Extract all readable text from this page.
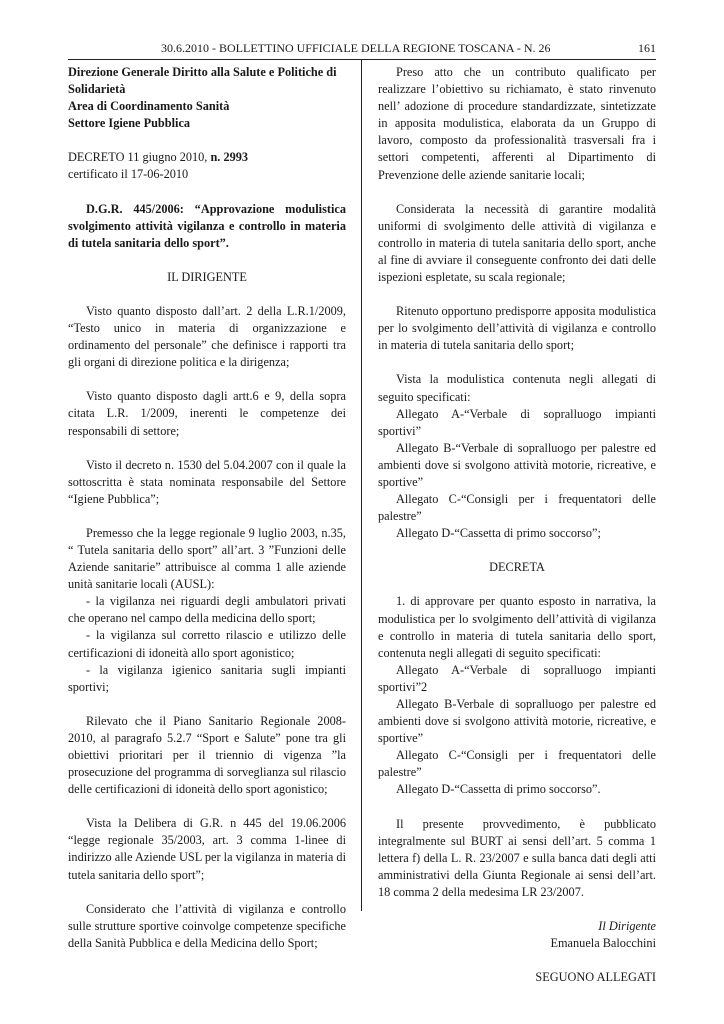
30.6.2010 - BOLLETTINO UFFICIALE DELLA REGIONE TOSCANA - N. 26	161

Direzione Generale Diritto alla Salute e Politiche di

Solidarietà

Area di Coordinamento Sanità

Settore Igiene Pubblica

DECRETO 11 giugno 2010, n. 2993

certificato il 17-06-2010

D.G.R. 445/2006: “Approvazione modulistica svolgimento attività vigilanza e controllo in materia di tutela sanitaria dello sport”.

IL DIRIGENTE

Visto quanto disposto dall’art. 2 della L.R.1/2009, “Testo unico in materia di organizzazione e ordinamento del personale” che definisce i rapporti tra gli organi di direzione politica e la dirigenza;

Visto quanto disposto dagli artt.6 e 9, della sopra citata L.R. 1/2009, inerenti le competenze dei responsabili di settore;

Visto il decreto n. 1530 del 5.04.2007 con il quale la sottoscritta è stata nominata responsabile del Settore “Igiene Pubblica”;

Premesso che la legge regionale 9 luglio 2003, n.35, “ Tutela sanitaria dello sport” all’art. 3 ”Funzioni delle Aziende sanitarie” attribuisce al comma 1 alle aziende unità sanitarie locali (AUSL):

- la vigilanza nei riguardi degli ambulatori privati che operano nel campo della medicina dello sport;

- la vigilanza sul corretto rilascio e utilizzo delle certificazioni di idoneità allo sport agonistico;

- la vigilanza igienico sanitaria sugli impianti sportivi;

Rilevato che il Piano Sanitario Regionale 2008- 2010, al paragrafo 5.2.7 “Sport e Salute” pone tra gli obiettivi prioritari per il triennio di vigenza ”la prosecuzione del programma di sorveglianza sul rilascio delle certificazioni di idoneità dello sport agonistico;

Vista la Delibera di G.R. n 445 del 19.06.2006 “legge regionale 35/2003, art. 3 comma 1-linee di indirizzo alle Aziende USL per la vigilanza in materia di tutela sanitaria dello sport”;

Considerato che l’attività di vigilanza e controllo sulle strutture sportive coinvolge competenze specifiche della Sanità Pubblica e della Medicina dello Sport;

Preso atto che un contributo qualificato per realizzare l’obiettivo su richiamato, è stato rinvenuto nell’ adozione di procedure standardizzate, sintetizzate in apposita modulistica, elaborata da un Gruppo di lavoro, composto da professionalità trasversali fra i settori competenti, afferenti al Dipartimento di Prevenzione delle aziende sanitarie locali;

Considerata la necessità di garantire modalità uniformi di svolgimento delle attività di vigilanza e controllo in materia di tutela sanitaria dello sport, anche al fine di avviare il conseguente confronto dei dati delle ispezioni espletate, su scala regionale;

Ritenuto opportuno predisporre apposita modulistica per lo svolgimento dell’attività di vigilanza e controllo in materia di tutela sanitaria dello sport;

Vista la modulistica contenuta negli allegati di seguito specificati:

Allegato A-“Verbale di sopralluogo impianti sportivi”

Allegato B-“Verbale di sopralluogo per palestre ed ambienti dove si svolgono attività motorie, ricreative, e sportive”

Allegato C-“Consigli per i frequentatori delle palestre”

Allegato D-“Cassetta di primo soccorso”;

DECRETA

1. di approvare per quanto esposto in narrativa, la modulistica per lo svolgimento dell’attività di vigilanza e controllo in materia di tutela sanitaria dello sport, contenuta negli allegati di seguito specificati:

Allegato A-“Verbale di sopralluogo impianti sportivi”2

Allegato B-Verbale di sopralluogo per palestre ed ambienti dove si svolgono attività motorie, ricreative, e sportive”

Allegato C-“Consigli per i frequentatori delle palestre”

Allegato D-“Cassetta di primo soccorso”.

Il presente provvedimento, è pubblicato integralmente sul BURT ai sensi dell’art. 5 comma 1 lettera f) della L. R. 23/2007 e sulla banca dati degli atti amministrativi della Giunta Regionale ai sensi dell’art. 18 comma 2 della medesima LR 23/2007.

Il Dirigente

Emanuela Balocchini

SEGUONO ALLEGATI
